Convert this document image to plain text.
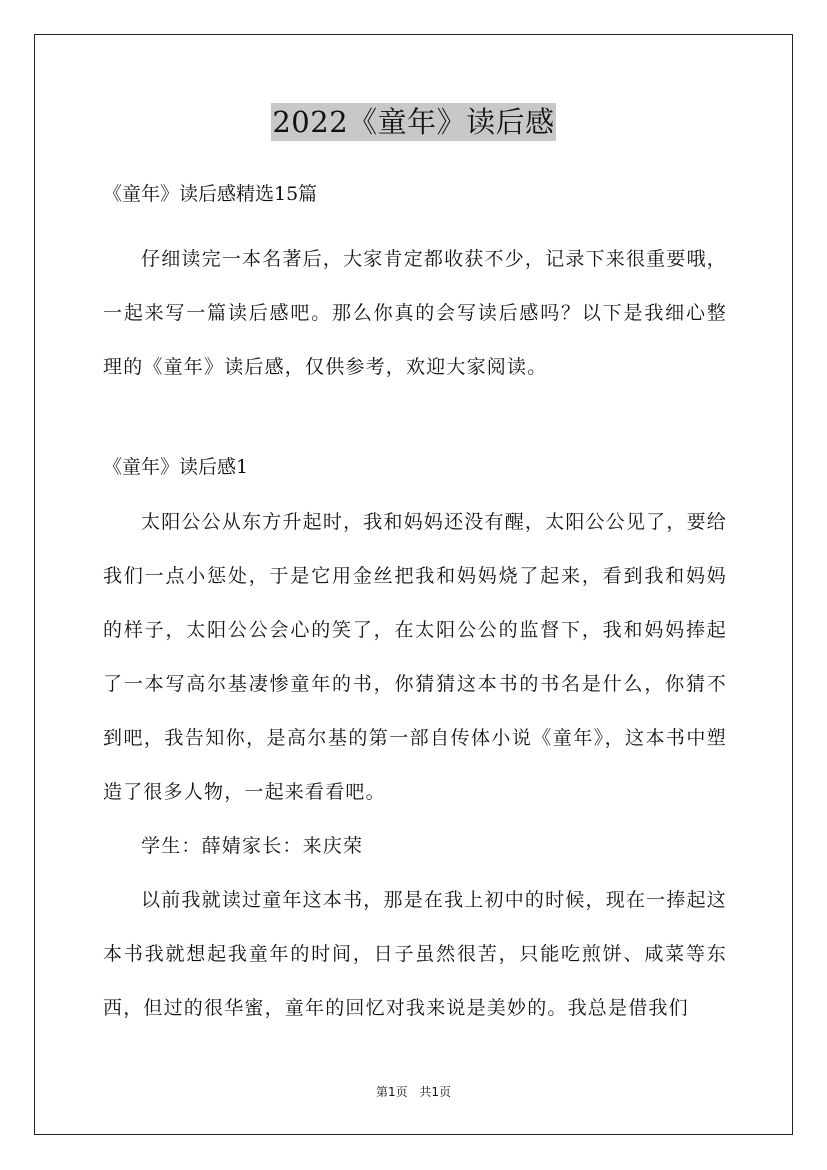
2022《童年》读后感

《童年》读后感精选15篇

仔细读完一本名著后，大家肯定都收获不少，记录下来很重要哦，一起来写一篇读后感吧。那么你真的会写读后感吗？以下是我细心整理的《童年》读后感，仅供参考，欢迎大家阅读。

《童年》读后感1

太阳公公从东方升起时，我和妈妈还没有醒，太阳公公见了，要给我们一点小惩处，于是它用金丝把我和妈妈烧了起来，看到我和妈妈的样子，太阳公公会心的笑了，在太阳公公的监督下，我和妈妈捧起了一本写高尔基凄惨童年的书，你猜猜这本书的书名是什么，你猜不到吧，我告知你，是高尔基的第一部自传体小说《童年》，这本书中塑造了很多人物，一起来看看吧。

学生：薛婧家长：来庆荣

以前我就读过童年这本书，那是在我上初中的时候，现在一捧起这本书我就想起我童年的时间，日子虽然很苦，只能吃煎饼、咸菜等东西，但过的很华蜜，童年的回忆对我来说是美妙的。我总是借我们

第1页 共1页
